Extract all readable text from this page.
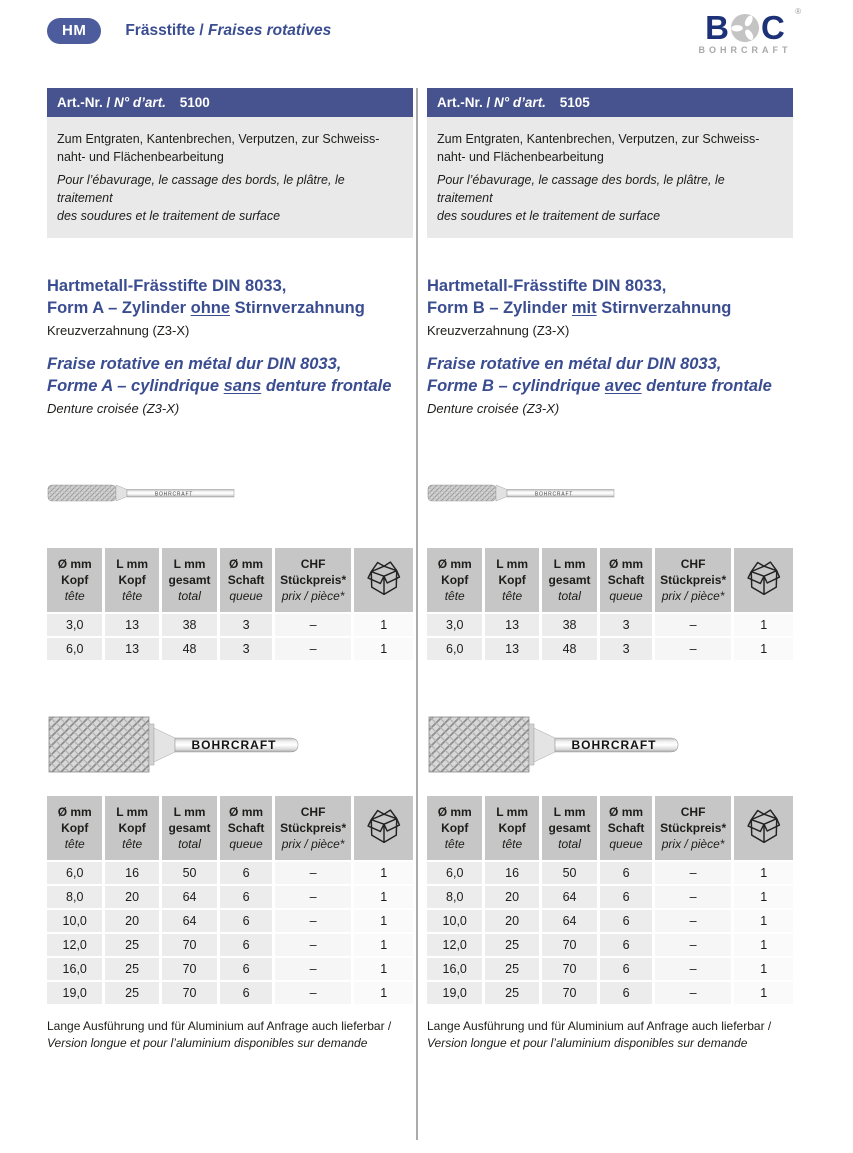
HM	Frässtifte / Fraises rotatives	B C ®
BOHRCRAFT
Art.-Nr. / N° d’art. 5100
Zum Entgraten, Kantenbrechen, Verputzen, zur Schweiss-
naht- und Flächenbearbeitung
Pour l’ébavurage, le cassage des bords, le plâtre, le traitement
des soudures et le traitement de surface
Hartmetall-Frässtifte DIN 8033,
Form A – Zylinder ohne Stirnverzahnung
Kreuzverzahnung (Z3-X)
Fraise rotative en métal dur DIN 8033,
Forme A – cylindrique sans denture frontale
Denture croisée (Z3-X)
BOHRCRAFT
Ø mm
Kopf
tête	L mm
Kopf
tête	L mm
gesamt
total	Ø mm
Schaft
queue	CHF
Stückpreis*
prix / pièce*	
3,0	13	38	3	–	1
6,0	13	48	3	–	1
BOHRCRAFT
Ø mm
Kopf
tête	L mm
Kopf
tête	L mm
gesamt
total	Ø mm
Schaft
queue	CHF
Stückpreis*
prix / pièce*	
6,0	16	50	6	–	1
8,0	20	64	6	–	1
10,0	20	64	6	–	1
12,0	25	70	6	–	1
16,0	25	70	6	–	1
19,0	25	70	6	–	1
Lange Ausführung und für Aluminium auf Anfrage auch lieferbar /
Version longue et pour l’aluminium disponibles sur demande
Art.-Nr. / N° d’art. 5105
Zum Entgraten, Kantenbrechen, Verputzen, zur Schweiss-
naht- und Flächenbearbeitung
Pour l’ébavurage, le cassage des bords, le plâtre, le traitement
des soudures et le traitement de surface
Hartmetall-Frässtifte DIN 8033,
Form B – Zylinder mit Stirnverzahnung
Kreuzverzahnung (Z3-X)
Fraise rotative en métal dur DIN 8033,
Forme B – cylindrique avec denture frontale
Denture croisée (Z3-X)
BOHRCRAFT
Ø mm
Kopf
tête	L mm
Kopf
tête	L mm
gesamt
total	Ø mm
Schaft
queue	CHF
Stückpreis*
prix / pièce*	
3,0	13	38	3	–	1
6,0	13	48	3	–	1
BOHRCRAFT
Ø mm
Kopf
tête	L mm
Kopf
tête	L mm
gesamt
total	Ø mm
Schaft
queue	CHF
Stückpreis*
prix / pièce*	
6,0	16	50	6	–	1
8,0	20	64	6	–	1
10,0	20	64	6	–	1
12,0	25	70	6	–	1
16,0	25	70	6	–	1
19,0	25	70	6	–	1
Lange Ausführung und für Aluminium auf Anfrage auch lieferbar /
Version longue et pour l’aluminium disponibles sur demande
